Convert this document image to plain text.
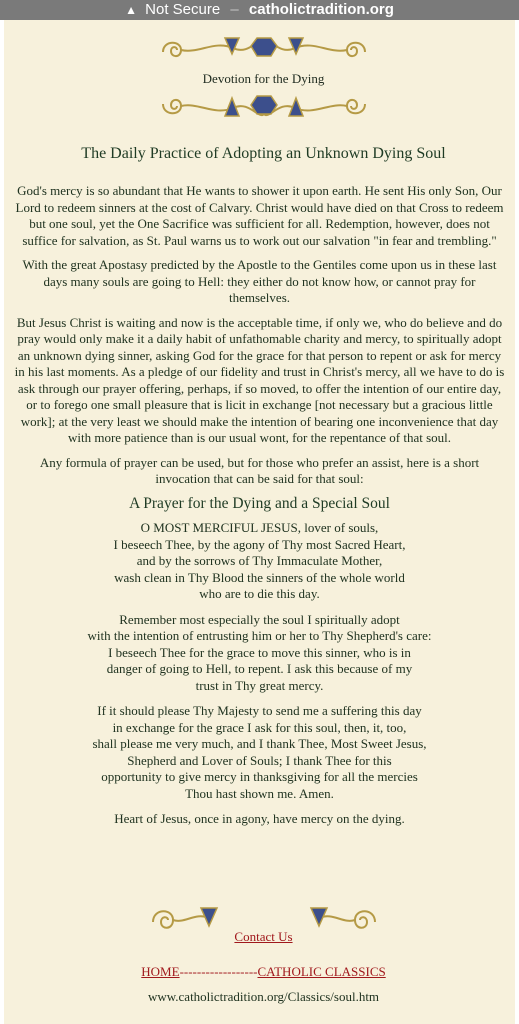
▲ Not Secure – catholictradition.org
Devotion for the Dying
The Daily Practice of Adopting an Unknown Dying Soul

God's mercy is so abundant that He wants to shower it upon earth. He sent His only Son, Our Lord to redeem sinners at the cost of Calvary. Christ would have died on that Cross to redeem but one soul, yet the One Sacrifice was sufficient for all. Redemption, however, does not suffice for salvation, as St. Paul warns us to work out our salvation "in fear and trembling."

With the great Apostasy predicted by the Apostle to the Gentiles come upon us in these last days many souls are going to Hell: they either do not know how, or cannot pray for themselves.

But Jesus Christ is waiting and now is the acceptable time, if only we, who do believe and do pray would only make it a daily habit of unfathomable charity and mercy, to spiritually adopt an unknown dying sinner, asking God for the grace for that person to repent or ask for mercy in his last moments. As a pledge of our fidelity and trust in Christ's mercy, all we have to do is ask through our prayer offering, perhaps, if so moved, to offer the intention of our entire day, or to forego one small pleasure that is licit in exchange [not necessary but a gracious little work]; at the very least we should make the intention of bearing one inconvenience that day with more patience than is our usual wont, for the repentance of that soul.

Any formula of prayer can be used, but for those who prefer an assist, here is a short invocation that can be said for that soul:

A Prayer for the Dying and a Special Soul
O MOST MERCIFUL JESUS, lover of souls,
I beseech Thee, by the agony of Thy most Sacred Heart,
and by the sorrows of Thy Immaculate Mother,
wash clean in Thy Blood the sinners of the whole world
who are to die this day.
Remember most especially the soul I spiritually adopt
with the intention of entrusting him or her to Thy Shepherd's care:
I beseech Thee for the grace to move this sinner, who is in
danger of going to Hell, to repent. I ask this because of my
trust in Thy great mercy.
If it should please Thy Majesty to send me a suffering this day
in exchange for the grace I ask for this soul, then, it, too,
shall please me very much, and I thank Thee, Most Sweet Jesus,
Shepherd and Lover of Souls; I thank Thee for this
opportunity to give mercy in thanksgiving for all the mercies
Thou hast shown me. Amen.
Heart of Jesus, once in agony, have mercy on the dying.
Contact Us
HOME------------------CATHOLIC CLASSICS
www.catholictradition.org/Classics/soul.htm
